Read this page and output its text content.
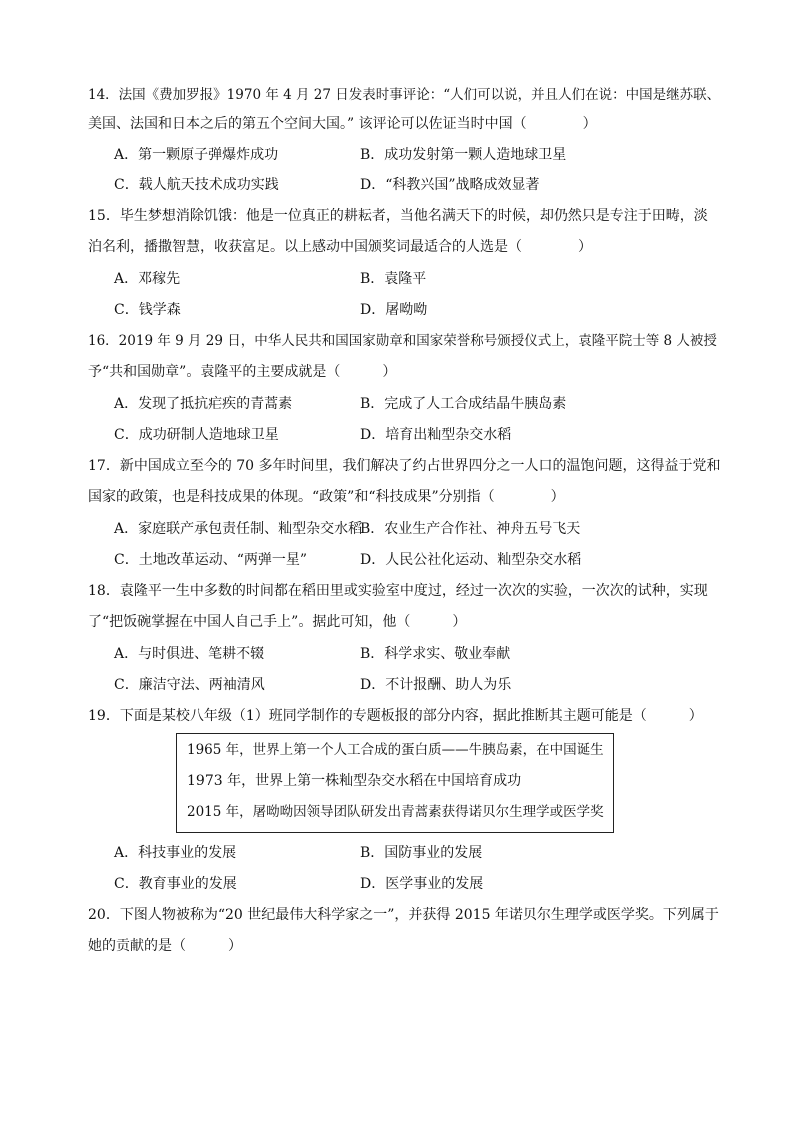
14．法国《费加罗报》1970 年 4 月 27 日发表时事评论：“人们可以说，并且人们在说：中国是继苏联、
美国、法国和日本之后的第五个空间大国。” 该评论可以佐证当时中国（　　　　）
A．第一颗原子弹爆炸成功	B．成功发射第一颗人造地球卫星
C．载人航天技术成功实践	D．“科教兴国”战略成效显著
15．毕生梦想消除饥饿：他是一位真正的耕耘者，当他名满天下的时候，却仍然只是专注于田畴，淡
泊名利，播撒智慧，收获富足。以上感动中国颁奖词最适合的人选是（　　　　）
A．邓稼先	B．袁隆平
C．钱学森	D．屠呦呦
16．2019 年 9 月 29 日，中华人民共和国国家勋章和国家荣誉称号颁授仪式上，袁隆平院士等 8 人被授
予“共和国勋章”。袁隆平的主要成就是（　　　）
A．发现了抵抗疟疾的青蒿素	B．完成了人工合成结晶牛胰岛素
C．成功研制人造地球卫星	D．培育出籼型杂交水稻
17．新中国成立至今的 70 多年时间里，我们解决了约占世界四分之一人口的温饱问题，这得益于党和
国家的政策，也是科技成果的体现。“政策”和“科技成果”分别指（　　　　）
A．家庭联产承包责任制、籼型杂交水稻
B．农业生产合作社、神舟五号飞天
C．土地改革运动、“两弹一星”	D．人民公社化运动、籼型杂交水稻
18．袁隆平一生中多数的时间都在稻田里或实验室中度过，经过一次次的实验，一次次的试种，实现
了“把饭碗掌握在中国人自己手上”。据此可知，他（　　　）
A．与时俱进、笔耕不辍	B．科学求实、敬业奉献
C．廉洁守法、两袖清风	D．不计报酬、助人为乐
19．下面是某校八年级（1）班同学制作的专题板报的部分内容，据此推断其主题可能是（　　　）
1965 年，世界上第一个人工合成的蛋白质——牛胰岛素，在中国诞生
1973 年，世界上第一株籼型杂交水稻在中国培育成功
2015 年，屠呦呦因领导团队研发出青蒿素获得诺贝尔生理学或医学奖
A．科技事业的发展	B．国防事业的发展
C．教育事业的发展	D．医学事业的发展
20．下图人物被称为“20 世纪最伟大科学家之一”，并获得 2015 年诺贝尔生理学或医学奖。下列属于
她的贡献的是（　　　）
